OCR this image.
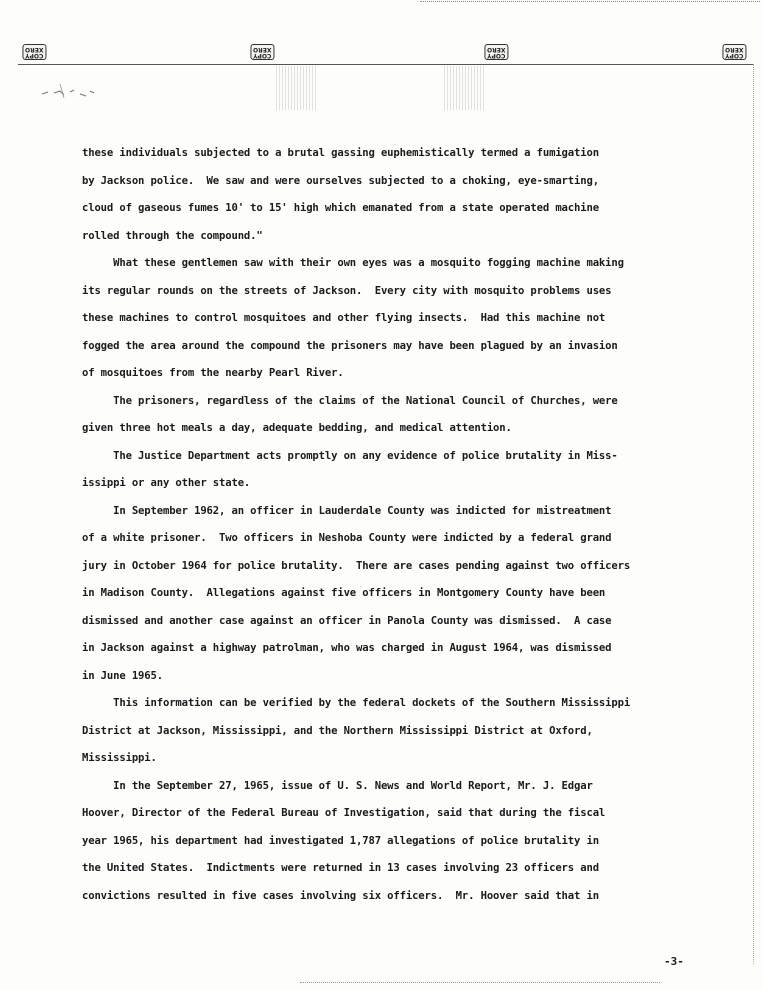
COPY
XERO
COPY
XERO
COPY
XERO
COPY
XERO

these individuals subjected to a brutal gassing euphemistically termed a fumigation

by Jackson police.  We saw and were ourselves subjected to a choking, eye-smarting,

cloud of gaseous fumes 10' to 15' high which emanated from a state operated machine

rolled through the compound."

What these gentlemen saw with their own eyes was a mosquito fogging machine making

its regular rounds on the streets of Jackson.  Every city with mosquito problems uses

these machines to control mosquitoes and other flying insects.  Had this machine not

fogged the area around the compound the prisoners may have been plagued by an invasion

of mosquitoes from the nearby Pearl River.

The prisoners, regardless of the claims of the National Council of Churches, were

given three hot meals a day, adequate bedding, and medical attention.

The Justice Department acts promptly on any evidence of police brutality in Miss-

issippi or any other state.

In September 1962, an officer in Lauderdale County was indicted for mistreatment

of a white prisoner.  Two officers in Neshoba County were indicted by a federal grand

jury in October 1964 for police brutality.  There are cases pending against two officers

in Madison County.  Allegations against five officers in Montgomery County have been

dismissed and another case against an officer in Panola County was dismissed.  A case

in Jackson against a highway patrolman, who was charged in August 1964, was dismissed

in June 1965.

This information can be verified by the federal dockets of the Southern Mississippi

District at Jackson, Mississippi, and the Northern Mississippi District at Oxford,

Mississippi.

In the September 27, 1965, issue of U. S. News and World Report, Mr. J. Edgar

Hoover, Director of the Federal Bureau of Investigation, said that during the fiscal

year 1965, his department had investigated 1,787 allegations of police brutality in

the United States.  Indictments were returned in 13 cases involving 23 officers and

convictions resulted in five cases involving six officers.  Mr. Hoover said that in

-3-
